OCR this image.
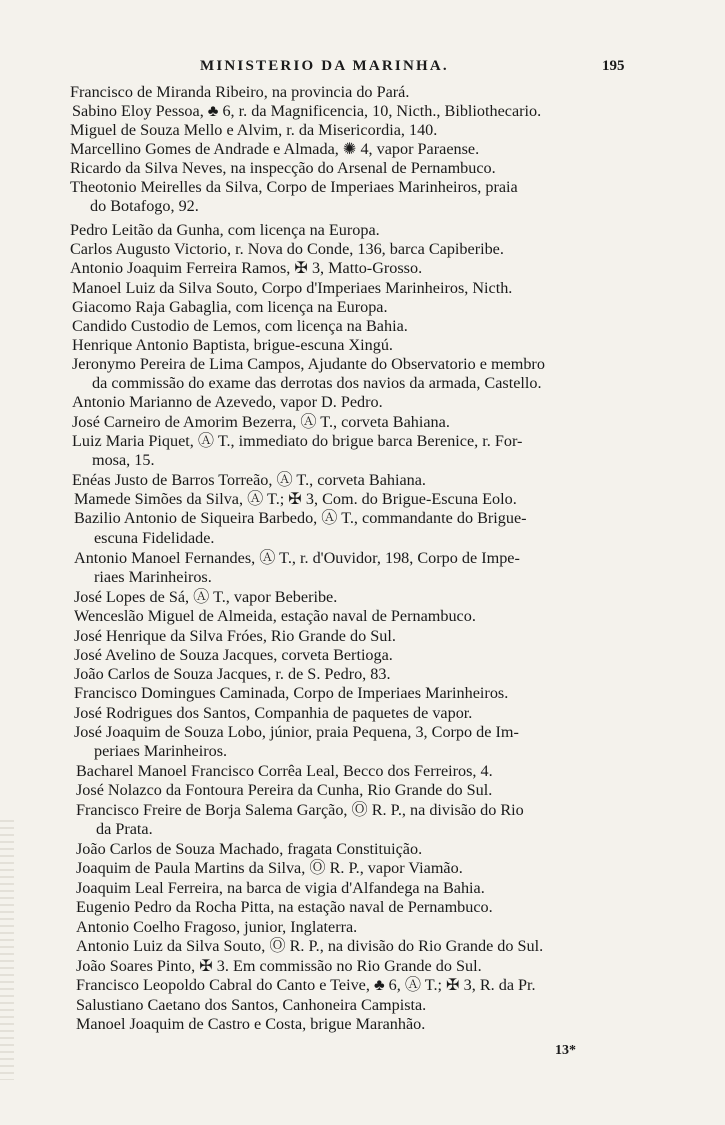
MINISTERIO DA MARINHA.	195
Francisco de Miranda Ribeiro, na provincia do Pará.
Sabino Eloy Pessoa, ♣ 6, r. da Magnificencia, 10, Nicth., Bibliothecario.
Miguel de Souza Mello e Alvim, r. da Misericordia, 140.
Marcellino Gomes de Andrade e Almada, ✺ 4, vapor Paraense.
Ricardo da Silva Neves, na inspecção do Arsenal de Pernambuco.
Theotonio Meirelles da Silva, Corpo de Imperiaes Marinheiros, praia
do Botafogo, 92.
Pedro Leitão da Gunha, com licença na Europa.
Carlos Augusto Victorio, r. Nova do Conde, 136, barca Capiberibe.
Antonio Joaquim Ferreira Ramos, ✠ 3, Matto-Grosso.
Manoel Luiz da Silva Souto, Corpo d'Imperiaes Marinheiros, Nicth.
Giacomo Raja Gabaglia, com licença na Europa.
Candido Custodio de Lemos, com licença na Bahia.
Henrique Antonio Baptista, brigue-escuna Xingú.
Jeronymo Pereira de Lima Campos, Ajudante do Observatorio e membro
da commissão do exame das derrotas dos navios da armada, Castello.
Antonio Marianno de Azevedo, vapor D. Pedro.
José Carneiro de Amorim Bezerra, Ⓐ T., corveta Bahiana.
Luiz Maria Piquet, Ⓐ T., immediato do brigue barca Berenice, r. For-
mosa, 15.
Enéas Justo de Barros Torreão, Ⓐ T., corveta Bahiana.
Mamede Simões da Silva, Ⓐ T.; ✠ 3, Com. do Brigue-Escuna Eolo.
Bazilio Antonio de Siqueira Barbedo, Ⓐ T., commandante do Brigue-
escuna Fidelidade.
Antonio Manoel Fernandes, Ⓐ T., r. d'Ouvidor, 198, Corpo de Impe-
riaes Marinheiros.
José Lopes de Sá, Ⓐ T., vapor Beberibe.
Wenceslão Miguel de Almeida, estação naval de Pernambuco.
José Henrique da Silva Fróes, Rio Grande do Sul.
José Avelino de Souza Jacques, corveta Bertioga.
João Carlos de Souza Jacques, r. de S. Pedro, 83.
Francisco Domingues Caminada, Corpo de Imperiaes Marinheiros.
José Rodrigues dos Santos, Companhia de paquetes de vapor.
José Joaquim de Souza Lobo, júnior, praia Pequena, 3, Corpo de Im-
periaes Marinheiros.
Bacharel Manoel Francisco Corrêa Leal, Becco dos Ferreiros, 4.
José Nolazco da Fontoura Pereira da Cunha, Rio Grande do Sul.
Francisco Freire de Borja Salema Garção, Ⓞ R. P., na divisão do Rio
da Prata.
João Carlos de Souza Machado, fragata Constituição.
Joaquim de Paula Martins da Silva, Ⓞ R. P., vapor Viamão.
Joaquim Leal Ferreira, na barca de vigia d'Alfandega na Bahia.
Eugenio Pedro da Rocha Pitta, na estação naval de Pernambuco.
Antonio Coelho Fragoso, junior, Inglaterra.
Antonio Luiz da Silva Souto, Ⓞ R. P., na divisão do Rio Grande do Sul.
João Soares Pinto, ✠ 3. Em commissão no Rio Grande do Sul.
Francisco Leopoldo Cabral do Canto e Teive, ♣ 6, Ⓐ T.; ✠ 3, R. da Pr.
Salustiano Caetano dos Santos, Canhoneira Campista.
Manoel Joaquim de Castro e Costa, brigue Maranhão.
13*
